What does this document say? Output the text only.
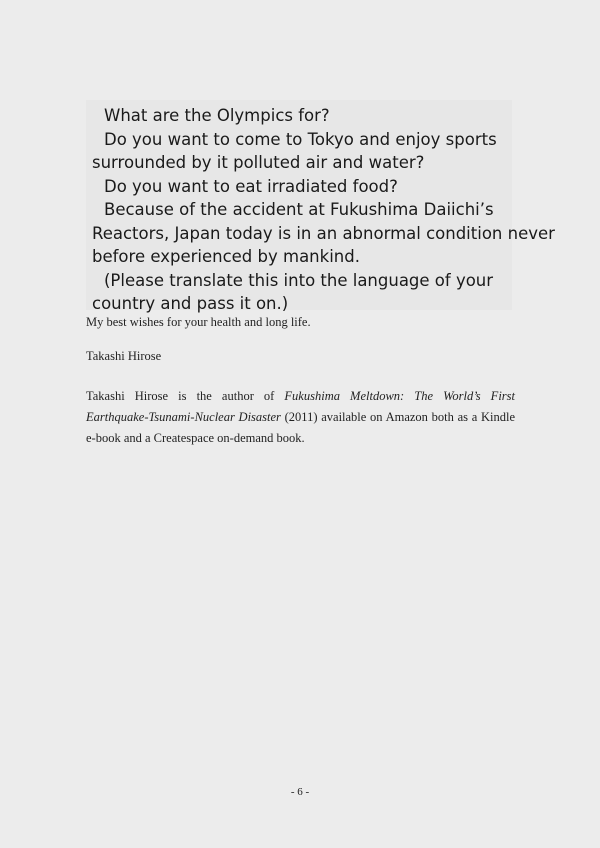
What are the Olympics for?
Do you want to come to Tokyo and enjoy sports
surrounded by it polluted air and water?
Do you want to eat irradiated food?
Because of the accident at Fukushima Daiichi’s
Reactors, Japan today is in an abnormal condition never
before experienced by mankind.
(Please translate this into the language of your
country and pass it on.)
My best wishes for your health and long life.
Takashi Hirose
Takashi Hirose is the author of Fukushima Meltdown: The World’s First
Earthquake-Tsunami-Nuclear Disaster (2011) available on Amazon both as a Kindle
e-book and a Createspace on-demand book.
- 6 -
